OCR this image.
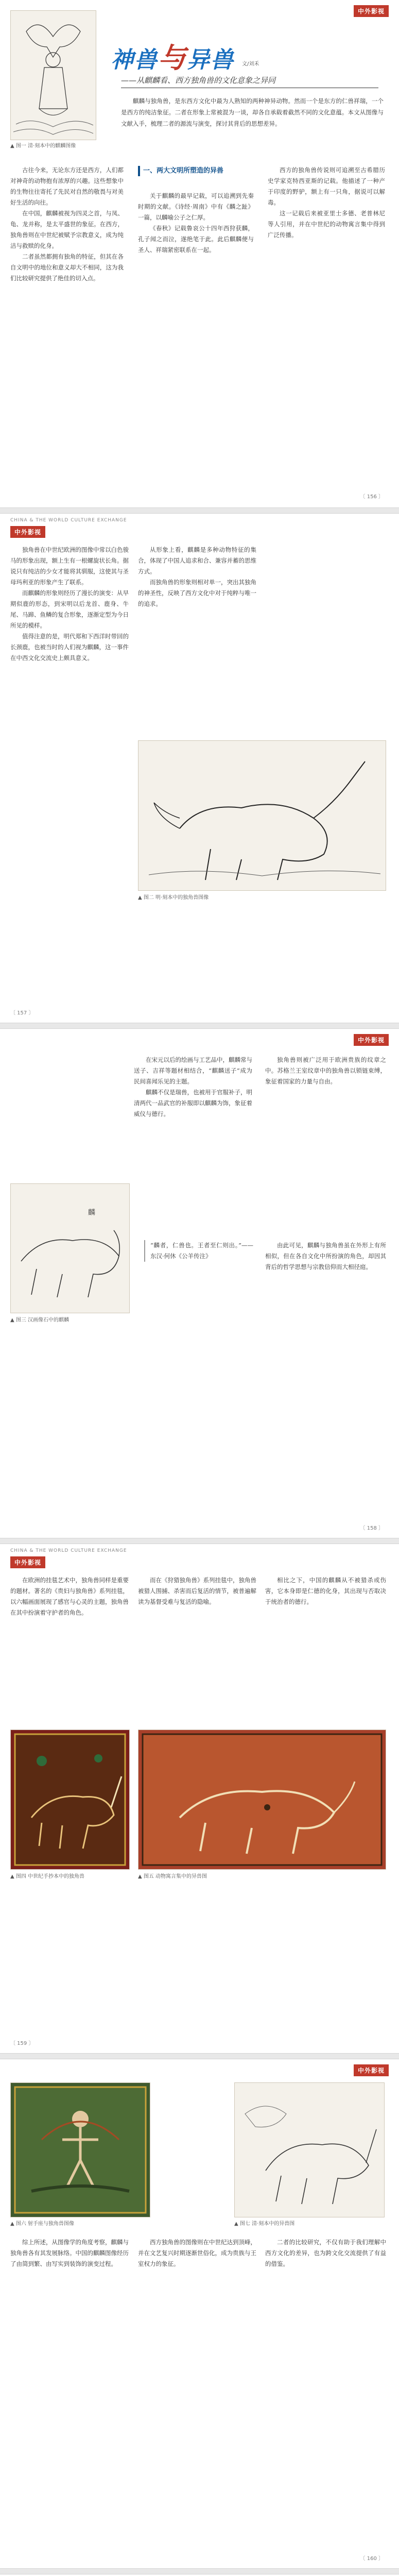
中外影视
▲ 图一 清·刻本中的麒麟图像
神兽与异兽 文/刘禾
——从麒麟看、西方独角兽的文化意象之异同

麒麟与独角兽，是东西方文化中最为人熟知的两种神异动物。然而一个是东方的仁兽祥瑞，一个是西方的纯洁象征。二者在形象上常被混为一谈，却各自承载着截然不同的文化意蕴。本文从图像与文献入手，梳理二者的源流与演变，探讨其背后的思想差异。

古往今来，无论东方还是西方，人们都对神奇的动物抱有浓厚的兴趣。这些想象中的生物往往寄托了先民对自然的敬畏与对美好生活的向往。

在中国，麒麟被视为四灵之首，与凤、龟、龙并称，是太平盛世的象征。在西方，独角兽则在中世纪被赋予宗教意义，成为纯洁与救赎的化身。

二者虽然都拥有独角的特征，但其在各自文明中的地位和意义却大不相同，这为我们比较研究提供了绝佳的切入点。

一、两大文明所塑造的异兽

关于麒麟的最早记载，可以追溯到先秦时期的文献。《诗经·周南》中有《麟之趾》一篇，以麟喻公子之仁厚。

《春秋》记载鲁哀公十四年西狩获麟，孔子闻之而泣，遂绝笔于此。此后麒麟便与圣人、祥瑞紧密联系在一起。

西方的独角兽传说则可追溯至古希腊历史学家克特西亚斯的记载。他描述了一种产于印度的野驴，额上有一只角，据说可以解毒。

这一记载后来被亚里士多德、老普林尼等人引用，并在中世纪的动物寓言集中得到广泛传播。

〔 156 〕
CHINA & THE WORLD CULTURE EXCHANGE
中外影视

独角兽在中世纪欧洲的图像中常以白色骏马的形象出现，额上生有一根螺旋状长角。据说只有纯洁的少女才能将其驯服，这使其与圣母玛利亚的形象产生了联系。

而麒麟的形象则经历了漫长的演变：从早期似鹿的形态，到宋明以后龙首、鹿身、牛尾、马蹄、鱼鳞的复合形象，逐渐定型为今日所见的模样。

值得注意的是，明代郑和下西洋时带回的长颈鹿，也被当时的人们视为麒麟，这一事件在中西文化交流史上颇具意义。

从形象上看，麒麟是多种动物特征的集合，体现了中国人追求和合、兼容并蓄的思维方式。

而独角兽的形象则相对单一，突出其独角的神圣性，反映了西方文化中对于纯粹与唯一的追求。

▲ 图二 明·刻本中的独角兽图像
〔 157 〕
中外影视

在宋元以后的绘画与工艺品中，麒麟常与送子、吉祥等题材相结合，“麒麟送子”成为民间喜闻乐见的主题。

麒麟不仅是瑞兽，也被用于官服补子，明清两代一品武官的补服即以麒麟为饰，象征着威仪与德行。

独角兽则被广泛用于欧洲贵族的纹章之中。苏格兰王室纹章中的独角兽以锁链束缚，象征着国家的力量与自由。

“麟者，仁兽也。王者至仁则出。”——东汉·何休《公羊传注》

由此可见，麒麟与独角兽虽在外形上有所相似，但在各自文化中所扮演的角色，却因其背后的哲学思想与宗教信仰而大相径庭。

麟
▲ 图三 汉画像石中的麒麟
〔 158 〕
CHINA & THE WORLD CULTURE EXCHANGE
中外影视

在欧洲的挂毯艺术中，独角兽同样是重要的题材。著名的《贵妇与独角兽》系列挂毯，以六幅画面展现了感官与心灵的主题，独角兽在其中扮演着守护者的角色。

而在《狩猎独角兽》系列挂毯中，独角兽被猎人围捕、杀害而后复活的情节，被普遍解读为基督受难与复活的隐喻。

相比之下，中国的麒麟从不被猎杀或伤害，它本身即是仁德的化身，其出现与否取决于统治者的德行。

▲ 图四 中世纪手抄本中的独角兽	▲ 图五 动物寓言集中的异兽图
〔 159 〕
中外影视
▲ 图六 射手座与独角兽图像	▲ 图七 清·刻本中的异兽图

综上所述，从图像学的角度考察，麒麟与独角兽各有其发展脉络。中国的麒麟图像经历了由简到繁、由写实到装饰的演变过程。

西方独角兽的图像则在中世纪达到顶峰，并在文艺复兴时期逐渐世俗化，成为贵族与王室权力的象征。

二者的比较研究，不仅有助于我们理解中西方文化的差异，也为跨文化交流提供了有益的借鉴。

〔 160 〕
